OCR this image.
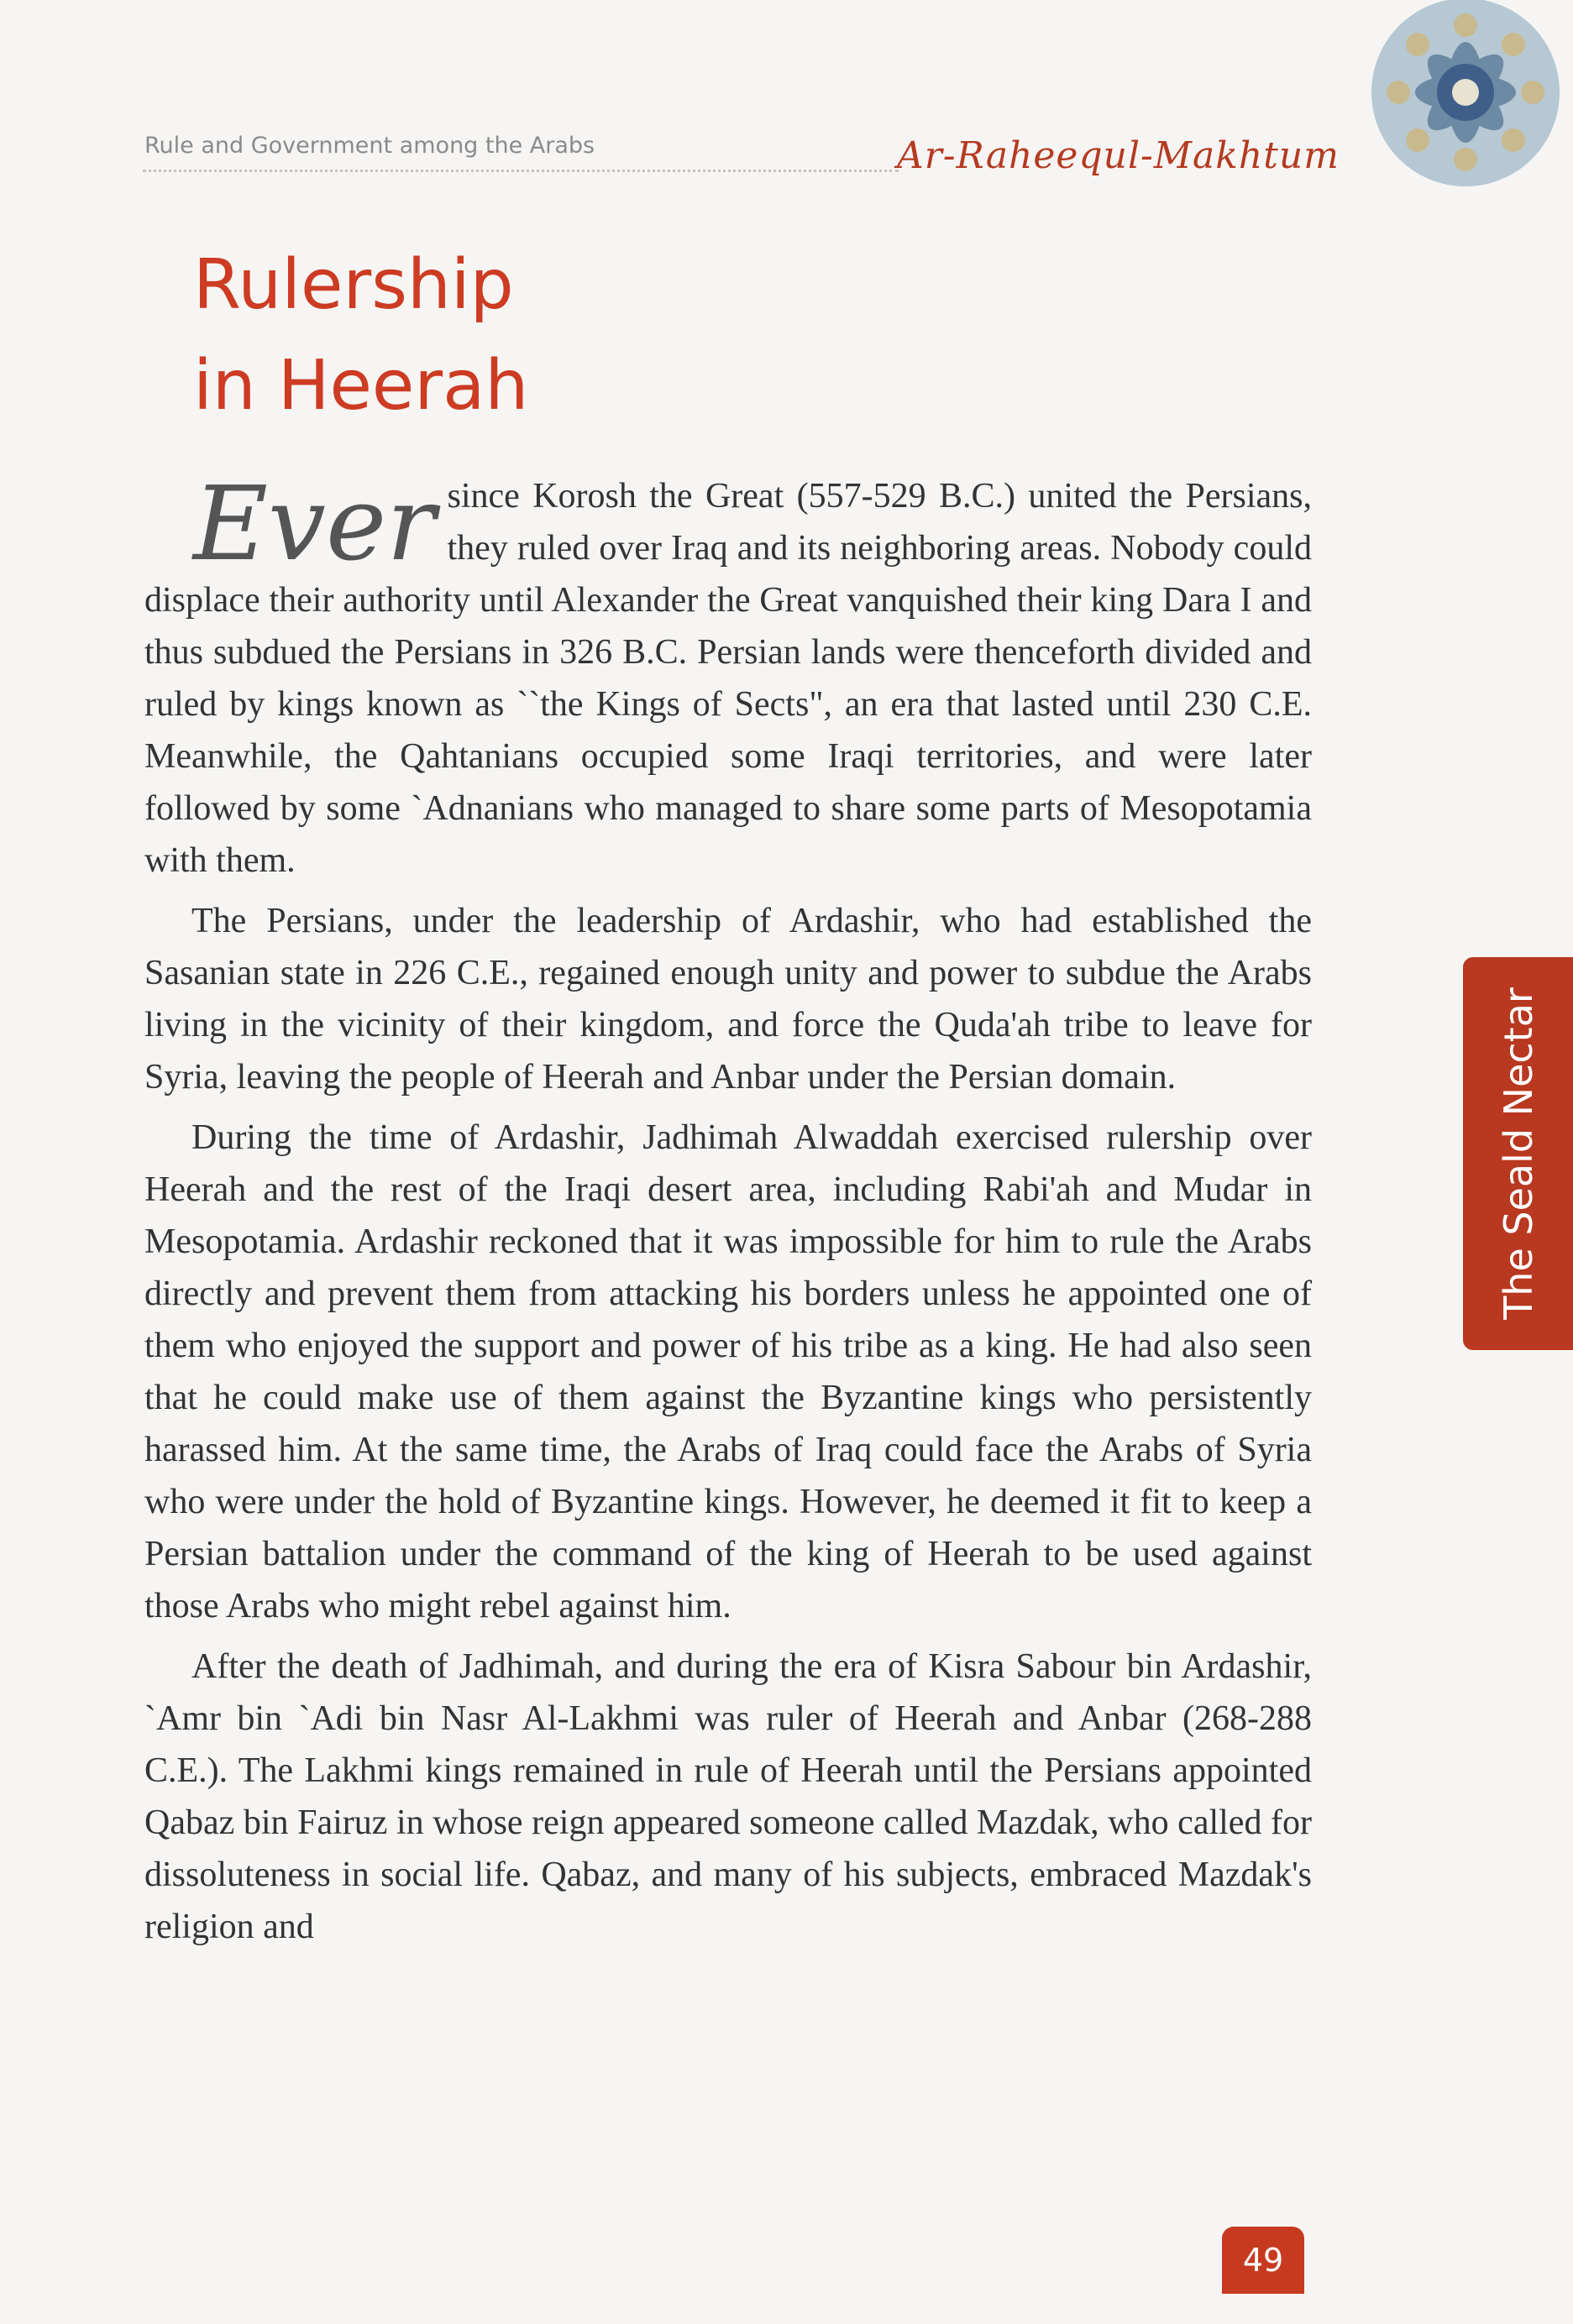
Rule and Government among the Arabs	Ar-Raheequl-Makhtum
Rulership
in Heerah

Ever since Korosh the Great (557-529 B.C.) united the Persians, they ruled over Iraq and its neighboring areas. Nobody could displace their authority until Alexander the Great vanquished their king Dara I and thus subdued the Persians in 326 B.C. Persian lands were thenceforth divided and ruled by kings known as ``the Kings of Sects", an era that lasted until 230 C.E. Meanwhile, the Qahtanians occupied some Iraqi territories, and were later followed by some `Adnanians who managed to share some parts of Mesopotamia with them.

The Persians, under the leadership of Ardashir, who had established the Sasanian state in 226 C.E., regained enough unity and power to subdue the Arabs living in the vicinity of their kingdom, and force the Quda'ah tribe to leave for Syria, leaving the people of Heerah and Anbar under the Persian domain.

During the time of Ardashir, Jadhimah Alwaddah exercised rulership over Heerah and the rest of the Iraqi desert area, including Rabi'ah and Mudar in Mesopotamia. Ardashir reckoned that it was impossible for him to rule the Arabs directly and prevent them from attacking his borders unless he appointed one of them who enjoyed the support and power of his tribe as a king. He had also seen that he could make use of them against the Byzantine kings who persistently harassed him. At the same time, the Arabs of Iraq could face the Arabs of Syria who were under the hold of Byzantine kings. However, he deemed it fit to keep a Persian battalion under the command of the king of Heerah to be used against those Arabs who might rebel against him.

After the death of Jadhimah, and during the era of Kisra Sabour bin Ardashir, `Amr bin `Adi bin Nasr Al-Lakhmi was ruler of Heerah and Anbar (268-288 C.E.). The Lakhmi kings remained in rule of Heerah until the Persians appointed Qabaz bin Fairuz in whose reign appeared someone called Mazdak, who called for dissoluteness in social life. Qabaz, and many of his subjects, embraced Mazdak's religion and

The Seald Nectar
49
